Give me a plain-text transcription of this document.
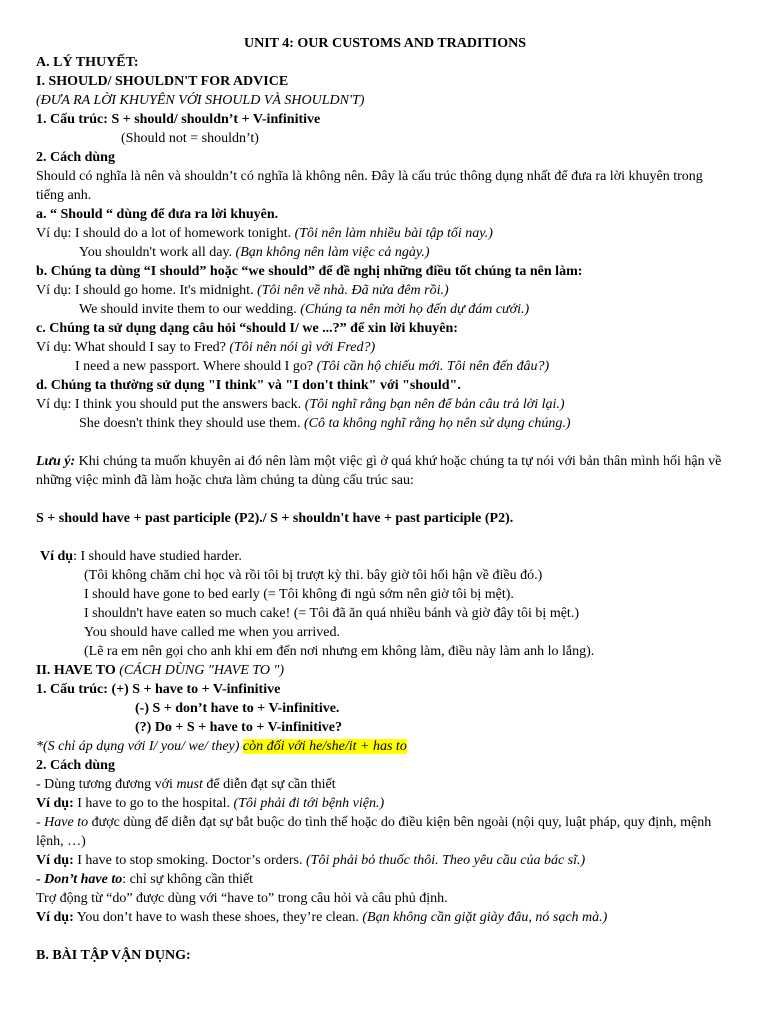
UNIT 4: OUR CUSTOMS AND TRADITIONS
A. LÝ THUYẾT:
I. SHOULD/ SHOULDN'T FOR ADVICE
(ĐƯA RA LỜI KHUYÊN VỚI SHOULD VÀ SHOULDN'T)
1. Cấu trúc: S + should/ shouldn’t + V-infinitive
(Should not = shouldn’t)
2. Cách dùng
Should có nghĩa là nên và shouldn’t có nghĩa là không nên. Đây là cấu trúc thông dụng nhất để đưa ra lời khuyên trong tiếng anh.
a. “ Should “ dùng để đưa ra lời khuyên.
Ví dụ: I should do a lot of homework tonight. (Tôi nên làm nhiều bài tập tối nay.)
You shouldn't work all day. (Bạn không nên làm việc cả ngày.)
b. Chúng ta dùng “I should” hoặc “we should” để đề nghị những điều tốt chúng ta nên làm:
Ví dụ: I should go home. It's midnight. (Tôi nên về nhà. Đã nửa đêm rồi.)
We should invite them to our wedding. (Chúng ta nên mời họ đến dự đám cưới.)
c. Chúng ta sử dụng dạng câu hỏi “should I/ we ...?” để xin lời khuyên:
Ví dụ: What should I say to Fred? (Tôi nên nói gì với Fred?)
I need a new passport. Where should I go? (Tôi cần hộ chiếu mới. Tôi nên đến đâu?)
d. Chúng ta thường sử dụng "I think" và "I don't think" với "should".
Ví dụ: I think you should put the answers back. (Tôi nghĩ rằng bạn nên để bản câu trả lời lại.)
She doesn't think they should use them. (Cô ta không nghĩ rằng họ nên sử dụng chúng.)
Lưu ý: Khi chúng ta muốn khuyên ai đó nên làm một việc gì ở quá khứ hoặc chúng ta tự nói với bản thân mình hối hận về những việc mình đã làm hoặc chưa làm chúng ta dùng cấu trúc sau:
S + should have + past participle (P2)./ S + shouldn't have + past participle (P2).
Ví dụ: I should have studied harder.
(Tôi không chăm chỉ học và rồi tôi bị trượt kỳ thi. bây giờ tôi hối hận về điều đó.)
I should have gone to bed early (= Tôi không đi ngủ sớm nên giờ tôi bị mệt).
I shouldn't have eaten so much cake! (= Tôi đã ăn quá nhiều bánh và giờ đây tôi bị mệt.)
You should have called me when you arrived.
(Lẽ ra em nên gọi cho anh khi em đến nơi nhưng em không làm, điều này làm anh lo lắng).
II. HAVE TO (CÁCH DÙNG "HAVE TO ")
1. Cấu trúc: (+) S + have to + V-infinitive
(-) S + don’t have to + V-infinitive.
(?) Do + S + have to + V-infinitive?
*(S chỉ áp dụng với I/ you/ we/ they) còn đối với he/she/it + has to
2. Cách dùng
- Dùng tương đương với must để diễn đạt sự cần thiết
Ví dụ: I have to go to the hospital. (Tôi phải đi tới bệnh viện.)
- Have to được dùng để diễn đạt sự bắt buộc do tình thế hoặc do điều kiện bên ngoài (nội quy, luật pháp, quy định, mệnh lệnh, …)
Ví dụ: I have to stop smoking. Doctor’s orders. (Tôi phải bỏ thuốc thôi. Theo yêu cầu của bác sĩ.)
- Don’t have to: chỉ sự không cần thiết
Trợ động từ “do” được dùng với “have to” trong câu hỏi và câu phủ định.
Ví dụ: You don’t have to wash these shoes, they’re clean. (Bạn không cần giặt giày đâu, nó sạch mà.)
B. BÀI TẬP VẬN DỤNG:
